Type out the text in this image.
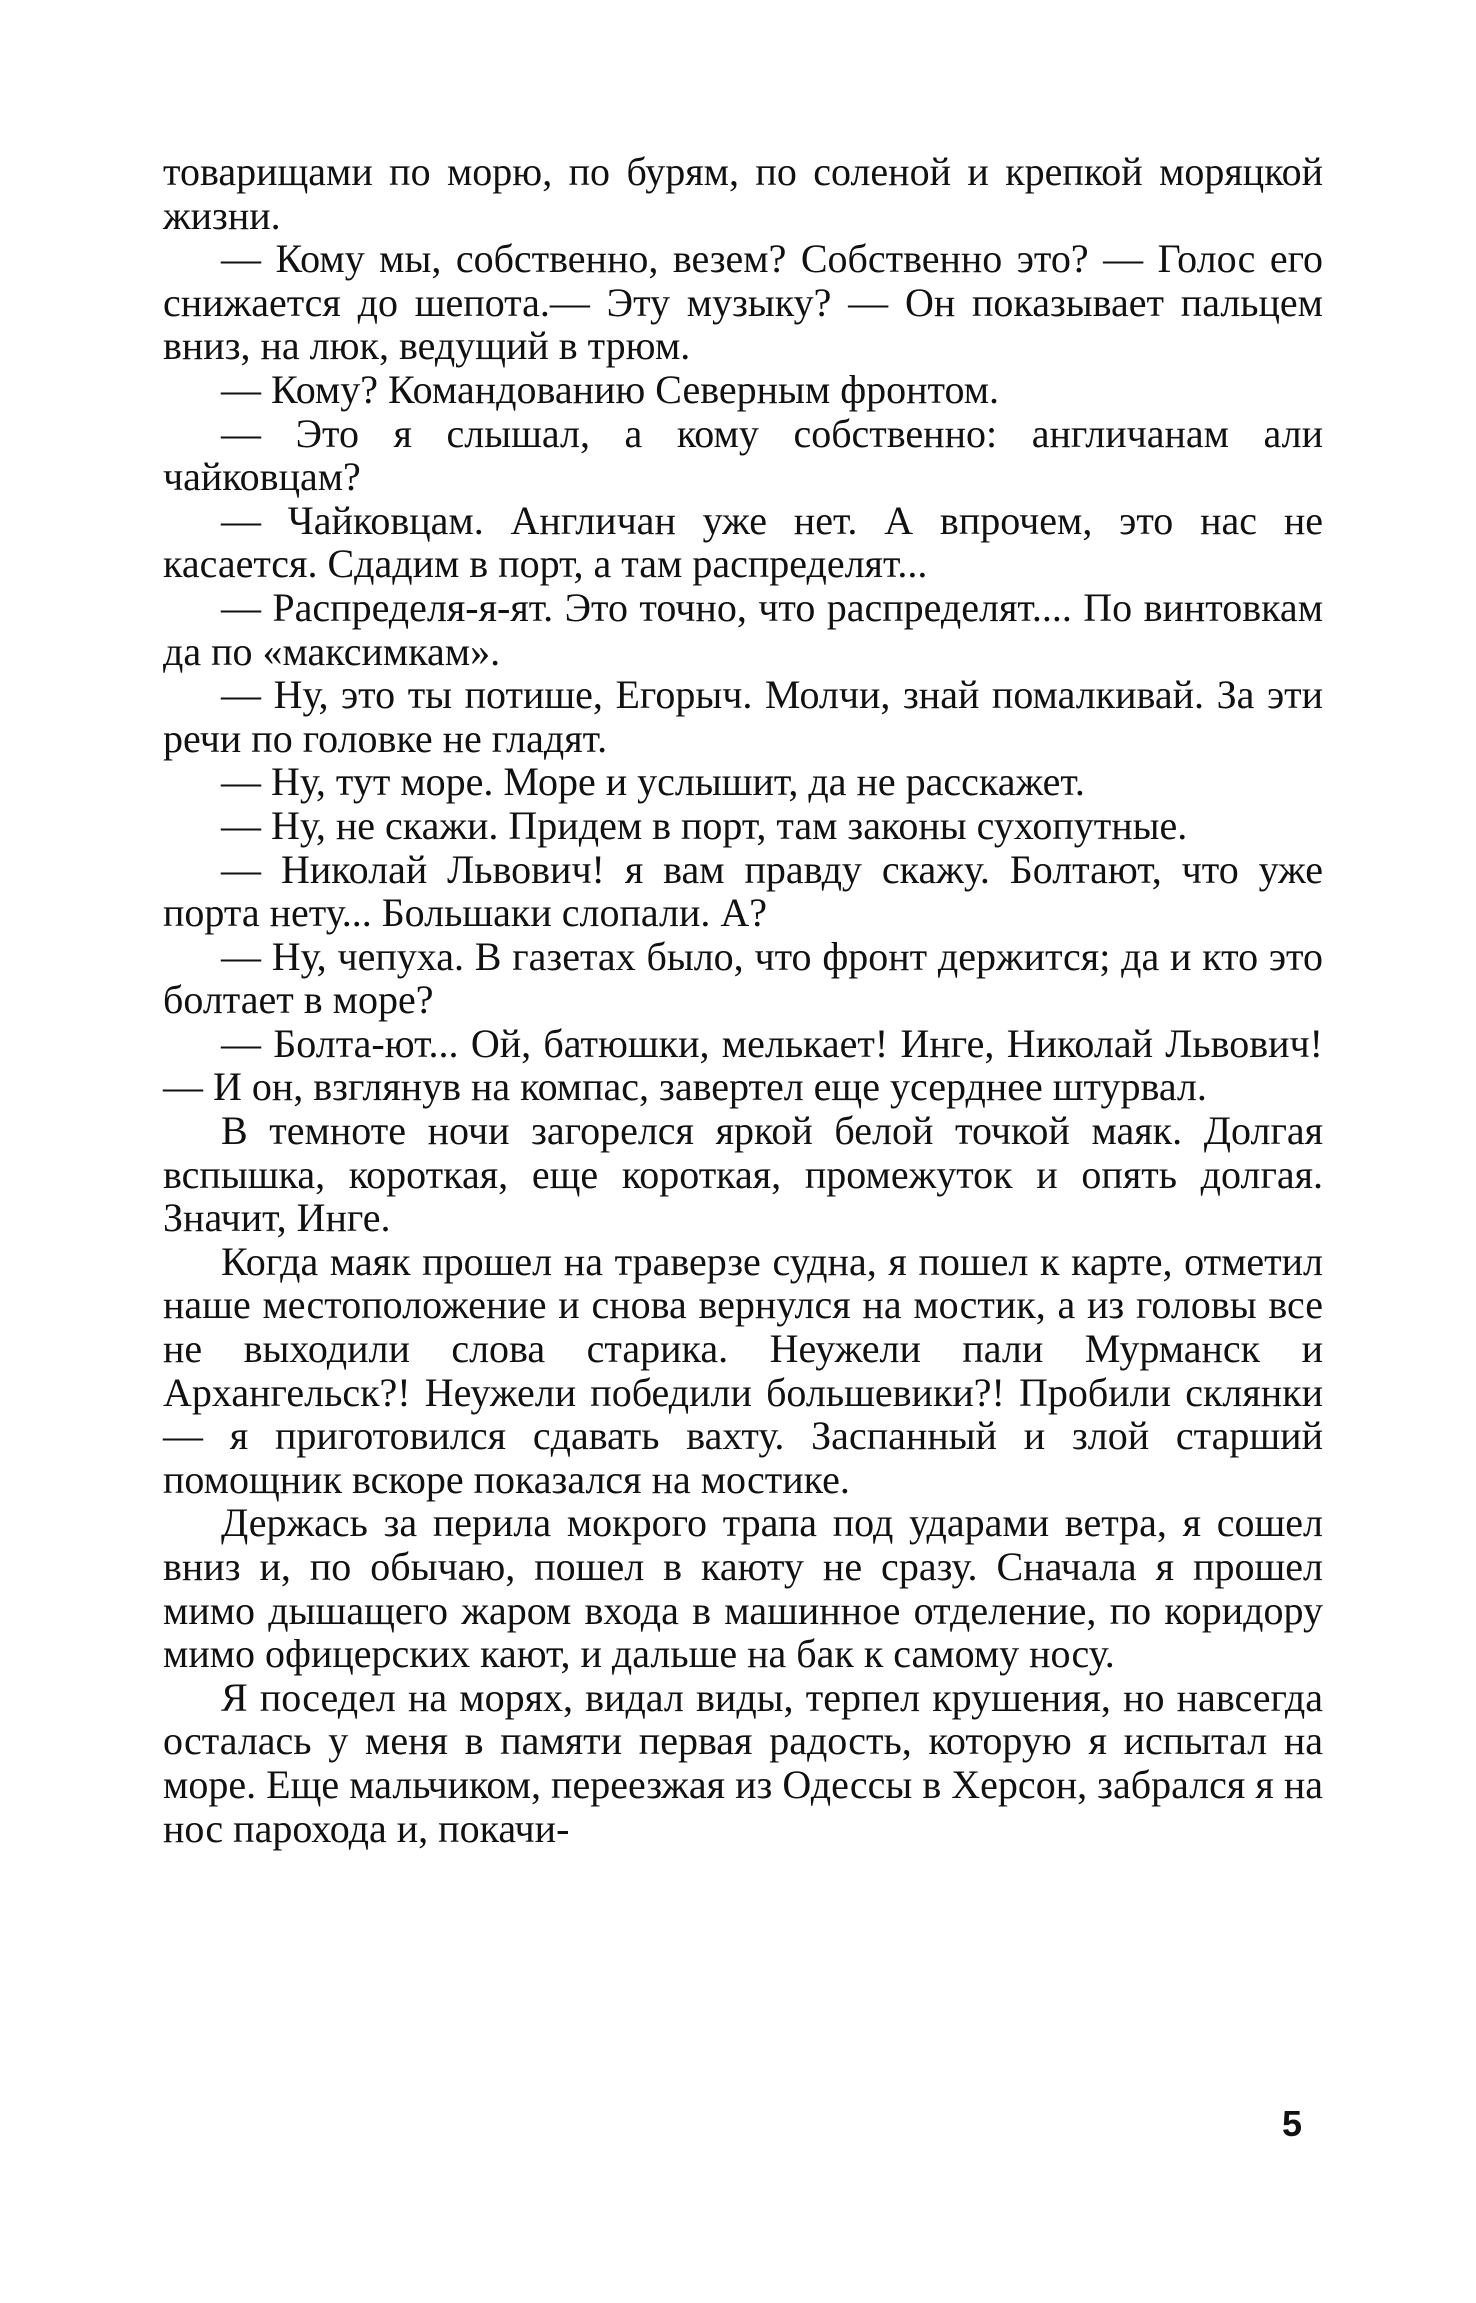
товарищами по морю, по бурям, по соленой и крепкой моряцкой жизни.

— Кому мы, собственно, везем? Собственно это? — Голос его снижается до шепота.— Эту музыку? — Он показывает пальцем вниз, на люк, ведущий в трюм.

— Кому? Командованию Северным фронтом.

— Это я слышал, а кому собственно: англичанам али чайковцам?

— Чайковцам. Англичан уже нет. А впрочем, это нас не касается. Сдадим в порт, а там распределят...

— Распределя-я-ят. Это точно, что распределят.... По винтовкам да по «максимкам».

— Ну, это ты потише, Егорыч. Молчи, знай помалкивай. За эти речи по головке не гладят.

— Ну, тут море. Море и услышит, да не расскажет.

— Ну, не скажи. Придем в порт, там законы сухопутные.

— Николай Львович! я вам правду скажу. Болтают, что уже порта нету... Большаки слопали. А?

— Ну, чепуха. В газетах было, что фронт держится; да и кто это болтает в море?

— Болта-ют... Ой, батюшки, мелькает! Инге, Николай Львович! — И он, взглянув на компас, завертел еще усерднее штурвал.

В темноте ночи загорелся яркой белой точкой маяк. Долгая вспышка, короткая, еще короткая, промежуток и опять долгая. Значит, Инге.

Когда маяк прошел на траверзе судна, я пошел к карте, отметил наше местоположение и снова вернулся на мостик, а из головы все не выходили слова старика. Неужели пали Мурманск и Архангельск?! Неужели победили большевики?! Пробили склянки — я приготовился сдавать вахту. Заспанный и злой старший помощник вскоре показался на мостике.

Держась за перила мокрого трапа под ударами ветра, я сошел вниз и, по обычаю, пошел в каюту не сразу. Сначала я прошел мимо дышащего жаром входа в машинное отделение, по коридору мимо офицерских кают, и дальше на бак к самому носу.

Я поседел на морях, видал виды, терпел крушения, но навсегда осталась у меня в памяти первая радость, которую я испытал на море. Еще мальчиком, переезжая из Одессы в Херсон, забрался я на нос парохода и, покачи-

5
